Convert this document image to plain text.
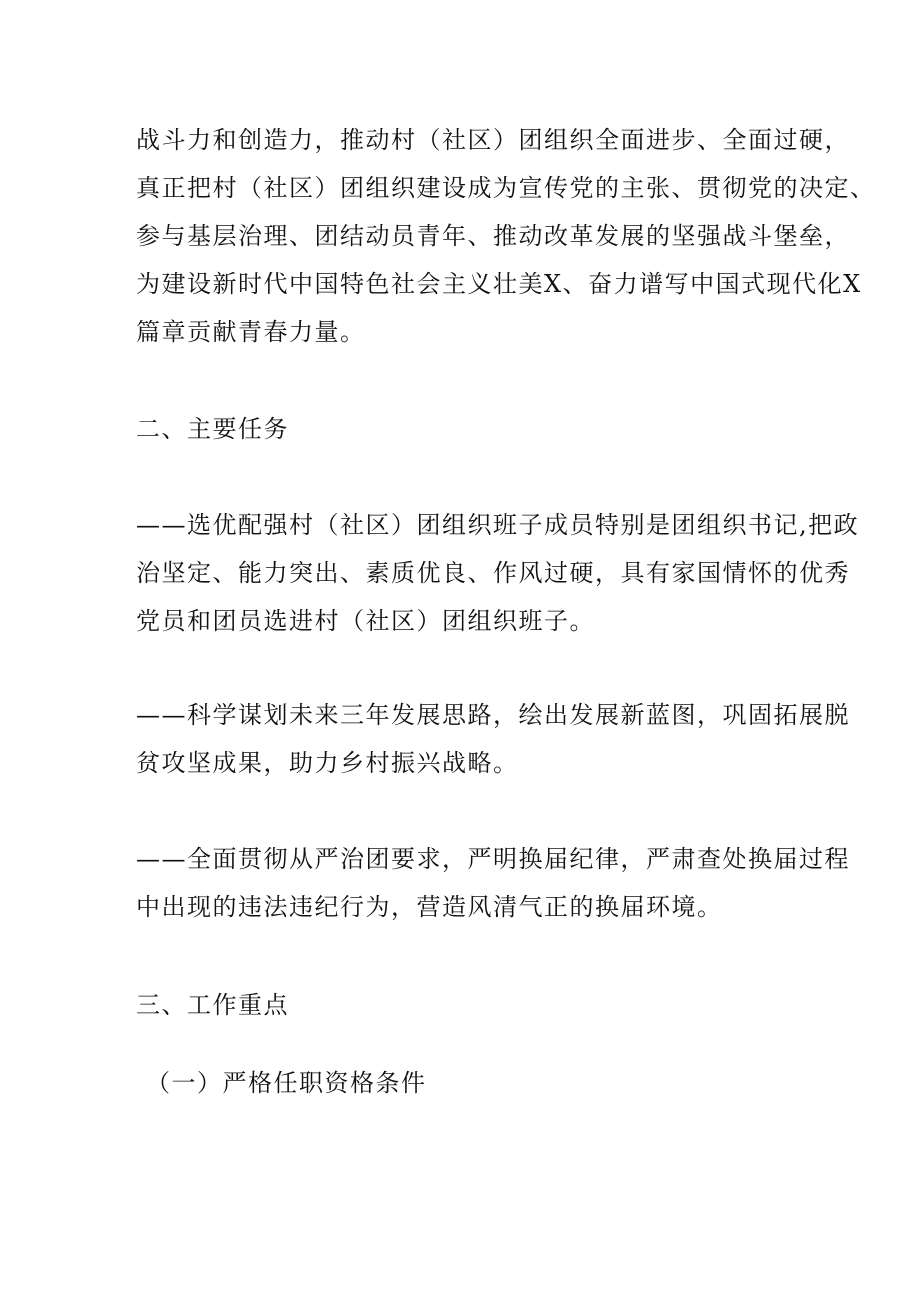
战斗力和创造力，推动村（社区）团组织全面进步、全面过硬，
真正把村（社区）团组织建设成为宣传党的主张、贯彻党的决定、
参与基层治理、团结动员青年、推动改革发展的坚强战斗堡垒，
为建设新时代中国特色社会主义壮美X、奋力谱写中国式现代化X
篇章贡献青春力量。
二、主要任务
——选优配强村（社区）团组织班子成员特别是团组织书记,把政
治坚定、能力突出、素质优良、作风过硬，具有家国情怀的优秀
党员和团员选进村（社区）团组织班子。
——科学谋划未来三年发展思路，绘出发展新蓝图，巩固拓展脱
贫攻坚成果，助力乡村振兴战略。
——全面贯彻从严治团要求，严明换届纪律，严肃查处换届过程
中出现的违法违纪行为，营造风清气正的换届环境。
三、工作重点
（一）严格任职资格条件
